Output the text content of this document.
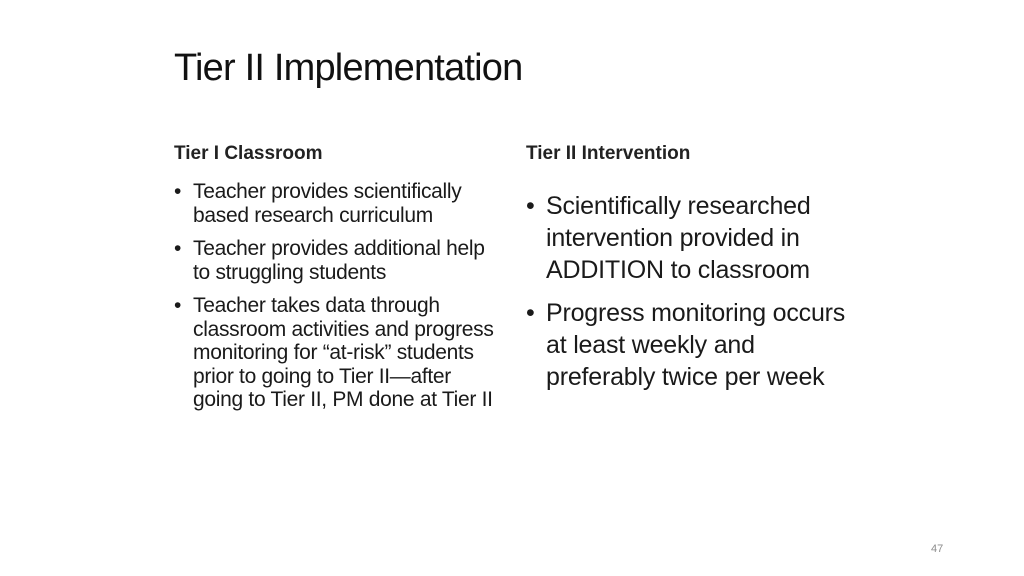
Tier II Implementation
Tier I Classroom	Tier II Intervention
• Teacher provides scientifically based research curriculum
• Teacher provides additional help to struggling students
• Teacher takes data through classroom activities and progress monitoring for “at-risk” students prior to going to Tier II—after going to Tier II, PM done at Tier II
• Scientifically researched intervention provided in ADDITION to classroom
• Progress monitoring occurs at least weekly and preferably twice per week
47
